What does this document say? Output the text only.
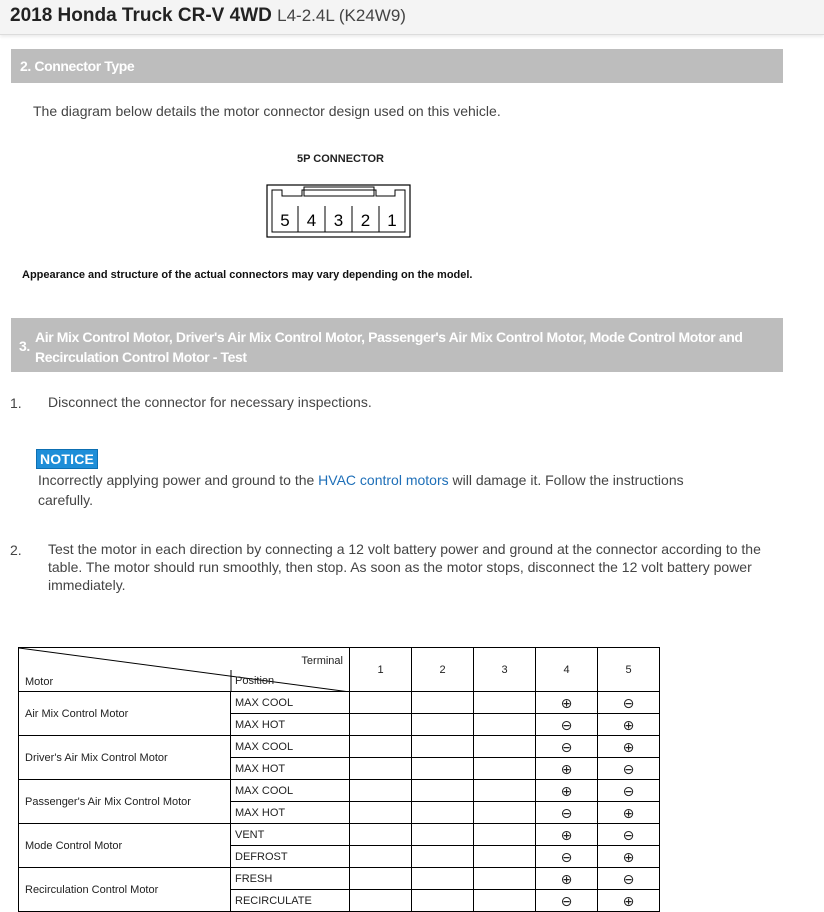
2018 Honda Truck CR-V 4WD L4-2.4L (K24W9)
2. Connector Type
The diagram below details the motor connector design used on this vehicle.
5P CONNECTOR
5 4 3 2 1
Appearance and structure of the actual connectors may vary depending on the model.
3.
Air Mix Control Motor, Driver's Air Mix Control Motor, Passenger's Air Mix Control Motor, Mode Control Motor and Recirculation Control Motor - Test
1. Disconnect the connector for necessary inspections.
NOTICE
Incorrectly applying power and ground to the HVAC control motors will damage it. Follow the instructions carefully.
2. Test the motor in each direction by connecting a 12 volt battery power and ground at the connector according to the table. The motor should run smoothly, then stop. As soon as the motor stops, disconnect the 12 volt battery power immediately.
Terminal
Motor Position		1	2	3	4	5
Air Mix Control Motor	MAX COOL				⊕	⊖
	MAX HOT				⊖	⊕
Driver's Air Mix Control Motor	MAX COOL				⊖	⊕
	MAX HOT				⊕	⊖
Passenger's Air Mix Control Motor	MAX COOL				⊕	⊖
	MAX HOT				⊖	⊕
Mode Control Motor	VENT				⊕	⊖
	DEFROST				⊖	⊕
Recirculation Control Motor	FRESH				⊕	⊖
	RECIRCULATE				⊖	⊕
